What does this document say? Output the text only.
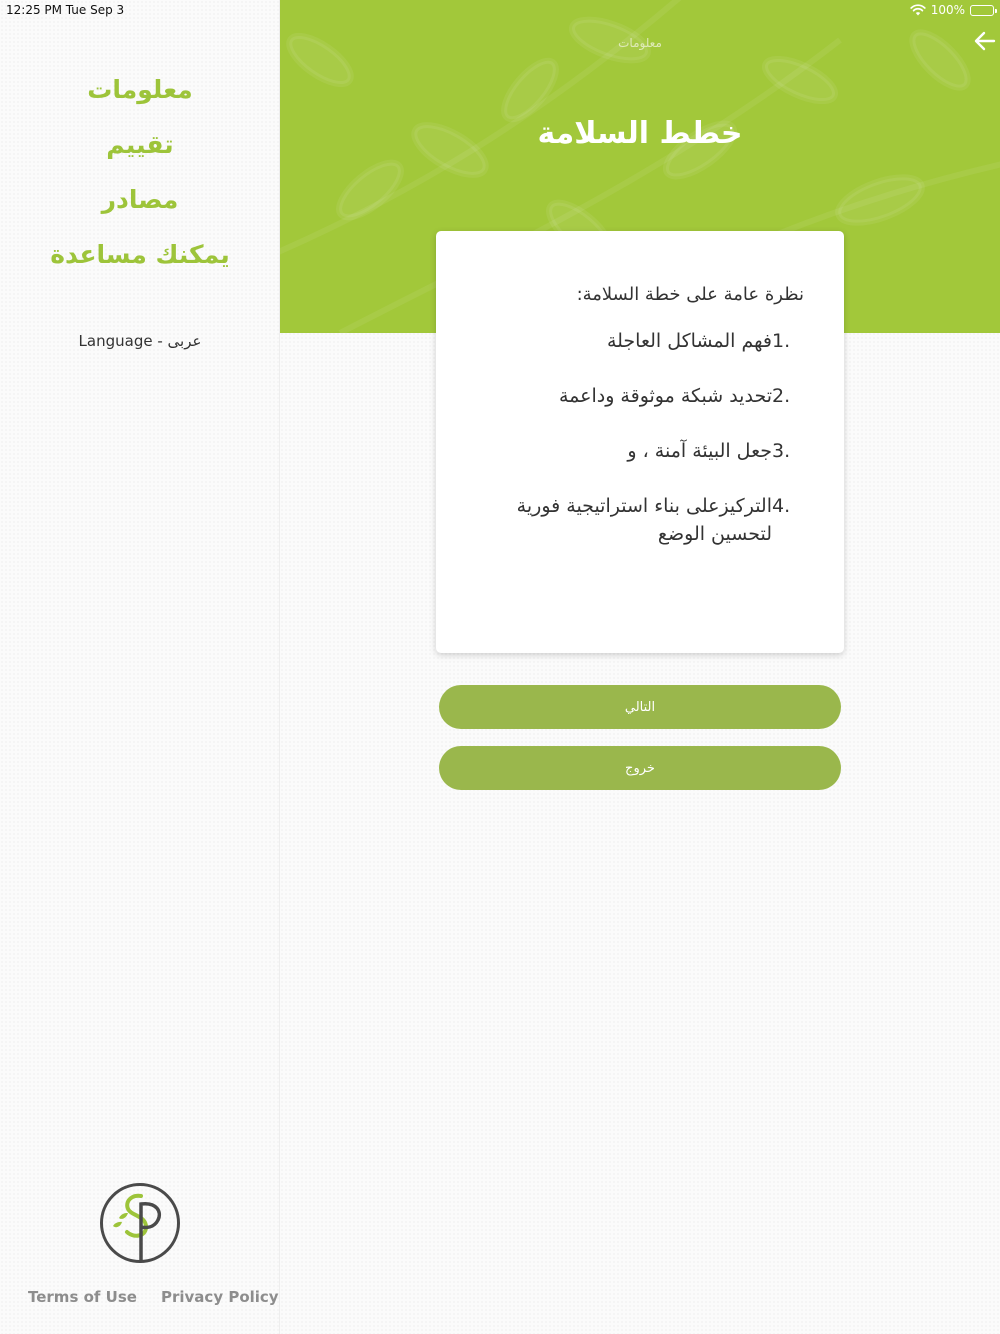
12:25 PM Tue Sep 3	100%
معلومات
تقييم
مصادر
يمكنك مساعدة
Language - عربى
Terms of Use Privacy Policy
معلومات
خطط السلامة
نظرة عامة على خطة السلامة:
1.
فهم المشاكل العاجلة
2.
تحديد شبكة موثوقة وداعمة
3.
جعل البيئة آمنة ، و
4.
التركيزعلى بناء استراتيجية فورية لتحسين الوضع
التالي
خروج
